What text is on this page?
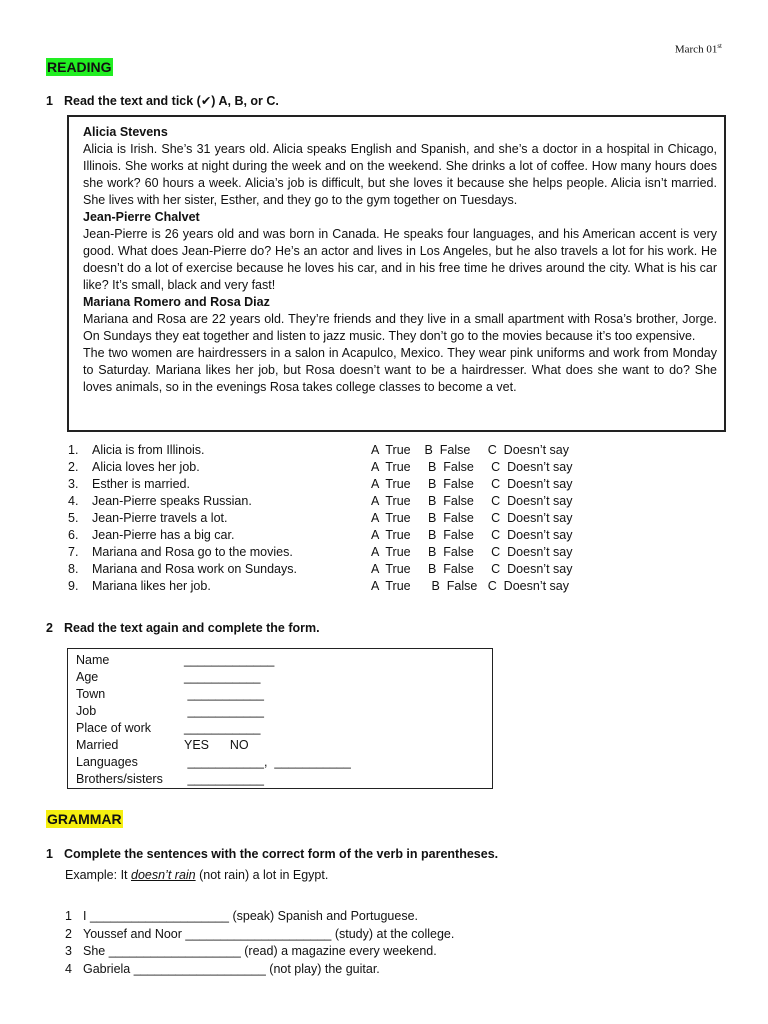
March 01st
READING
1 Read the text and tick (✔) A, B, or C.

Alicia Stevens

Alicia is Irish. She’s 31 years old. Alicia speaks English and Spanish, and she’s a doctor in a hospital in Chicago, Illinois. She works at night during the week and on the weekend. She drinks a lot of coffee. How many hours does she work? 60 hours a week. Alicia’s job is difficult, but she loves it because she helps people. Alicia isn’t married. She lives with her sister, Esther, and they go to the gym together on Tuesdays.

Jean-Pierre Chalvet

Jean-Pierre is 26 years old and was born in Canada. He speaks four languages, and his American accent is very good. What does Jean-Pierre do? He’s an actor and lives in Los Angeles, but he also travels a lot for his work. He doesn’t do a lot of exercise because he loves his car, and in his free time he drives around the city. What is his car like? It’s small, black and very fast!

Mariana Romero and Rosa Diaz

Mariana and Rosa are 22 years old. They’re friends and they live in a small apartment with Rosa’s brother, Jorge. On Sundays they eat together and listen to jazz music. They don’t go to the movies because it’s too expensive.

The two women are hairdressers in a salon in Acapulco, Mexico. They wear pink uniforms and work from Monday to Saturday. Mariana likes her job, but Rosa doesn’t want to be a hairdresser. What does she want to do? She loves animals, so in the evenings Rosa takes college classes to become a vet.

1.	Alicia is from Illinois.	A  True    B  False     C  Doesn’t say
2.	Alicia loves her job.	A  True     B  False     C  Doesn’t say
3.	Esther is married.	A  True     B  False     C  Doesn’t say
4.	Jean-Pierre speaks Russian.	A  True     B  False     C  Doesn’t say
5.	Jean-Pierre travels a lot.	A  True     B  False     C  Doesn’t say
6.	Jean-Pierre has a big car.	A  True     B  False     C  Doesn’t say
7.	Mariana and Rosa go to the movies.	A  True     B  False     C  Doesn’t say
8.	Mariana and Rosa work on Sundays.	A  True     B  False     C  Doesn’t say
9.	Mariana likes her job.	A  True      B  False   C  Doesn’t say
2 Read the text again and complete the form.
Name	_____________
Age	___________
Town	___________
Job	___________
Place of work	___________
Married	YES      NO
Languages	___________,  ___________
Brothers/sisters	___________
GRAMMAR
1 Complete the sentences with the correct form of the verb in parentheses.
Example: It doesn’t rain (not rain) a lot in Egypt.
1 I ____________________ (speak) Spanish and Portuguese.
2 Youssef and Noor _____________________ (study) at the college.
3 She ___________________ (read) a magazine every weekend.
4 Gabriela ___________________ (not play) the guitar.
